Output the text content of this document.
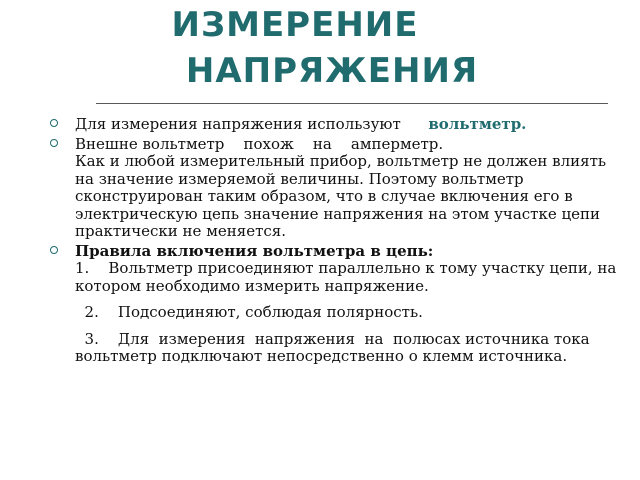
ИЗМЕРЕНИЕ
НАПРЯЖЕНИЯ
Для измерения напряжения используют вольтметр.
Внешне вольтметр    похож    на    амперметр.
Как и любой измерительный прибор, вольтметр не должен влиять на значение измеряемой величины. Поэтому вольтметр сконструирован таким образом, что в случае включения его в электрическую цепь значение напряжения на этом участке цепи практически не меняется.
Правила включения вольтметра в цепь:
1.    Вольтметр присоединяют параллельно к тому участку цепи, на котором необходимо измерить напряжение.
2.    Подсоединяют, соблюдая полярность.
3.    Для  измерения  напряжения  на  полюсах источника тока вольтметр подключают непосредственно о клемм источника.
